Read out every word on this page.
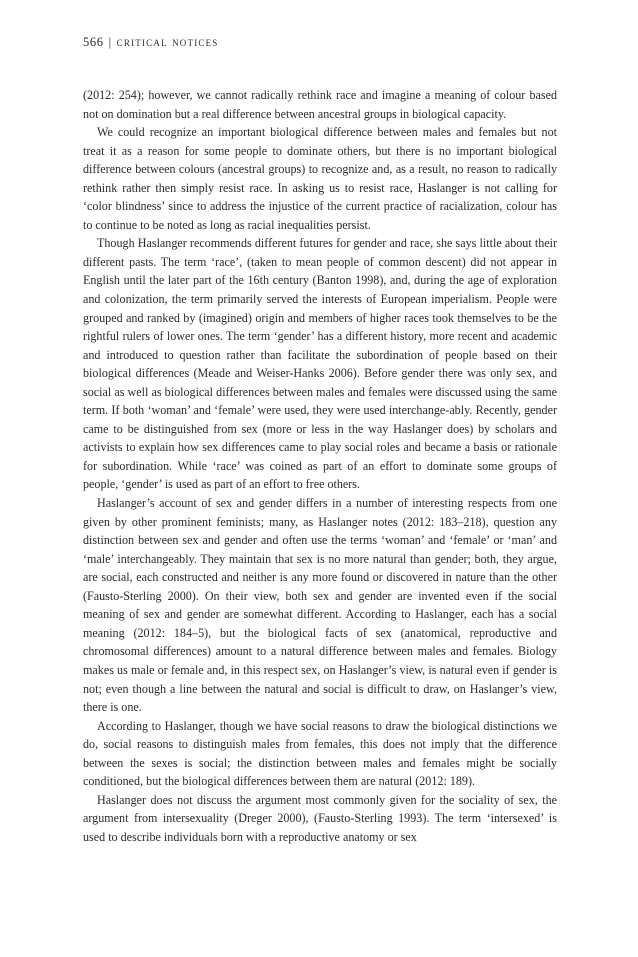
566 | critical notices

(2012: 254); however, we cannot radically rethink race and imagine a meaning of colour based not on domination but a real difference between ancestral groups in biological capacity.

We could recognize an important biological difference between males and females but not treat it as a reason for some people to dominate others, but there is no important biological difference between colours (ancestral groups) to recognize and, as a result, no reason to radically rethink rather then simply resist race. In asking us to resist race, Haslanger is not calling for ‘color blindness’ since to address the injustice of the current practice of racialization, colour has to continue to be noted as long as racial inequalities persist.

Though Haslanger recommends different futures for gender and race, she says little about their different pasts. The term ‘race’, (taken to mean people of common descent) did not appear in English until the later part of the 16th century (Banton 1998), and, during the age of exploration and colonization, the term primarily served the interests of European imperialism. People were grouped and ranked by (imagined) origin and members of higher races took themselves to be the rightful rulers of lower ones. The term ‘gender’ has a different history, more recent and academic and introduced to question rather than facilitate the subordination of people based on their biological differences (Meade and Weiser-Hanks 2006). Before gender there was only sex, and social as well as biological differences between males and females were discussed using the same term. If both ‘woman’ and ‘female’ were used, they were used interchange-ably. Recently, gender came to be distinguished from sex (more or less in the way Haslanger does) by scholars and activists to explain how sex differences came to play social roles and became a basis or rationale for subordination. While ‘race’ was coined as part of an effort to dominate some groups of people, ‘gender’ is used as part of an effort to free others.

Haslanger’s account of sex and gender differs in a number of interesting respects from one given by other prominent feminists; many, as Haslanger notes (2012: 183–218), question any distinction between sex and gender and often use the terms ‘woman’ and ‘female’ or ‘man’ and ‘male’ interchangeably. They maintain that sex is no more natural than gender; both, they argue, are social, each constructed and neither is any more found or discovered in nature than the other (Fausto-Sterling 2000). On their view, both sex and gender are invented even if the social meaning of sex and gender are somewhat different. According to Haslanger, each has a social meaning (2012: 184–5), but the biological facts of sex (anatomical, reproductive and chromosomal differences) amount to a natural difference between males and females. Biology makes us male or female and, in this respect sex, on Haslanger’s view, is natural even if gender is not; even though a line between the natural and social is difficult to draw, on Haslanger’s view, there is one.

According to Haslanger, though we have social reasons to draw the biological distinctions we do, social reasons to distinguish males from females, this does not imply that the difference between the sexes is social; the distinction between males and females might be socially conditioned, but the biological differences between them are natural (2012: 189).

Haslanger does not discuss the argument most commonly given for the sociality of sex, the argument from intersexuality (Dreger 2000), (Fausto-Sterling 1993). The term ‘intersexed’ is used to describe individuals born with a reproductive anatomy or sex
